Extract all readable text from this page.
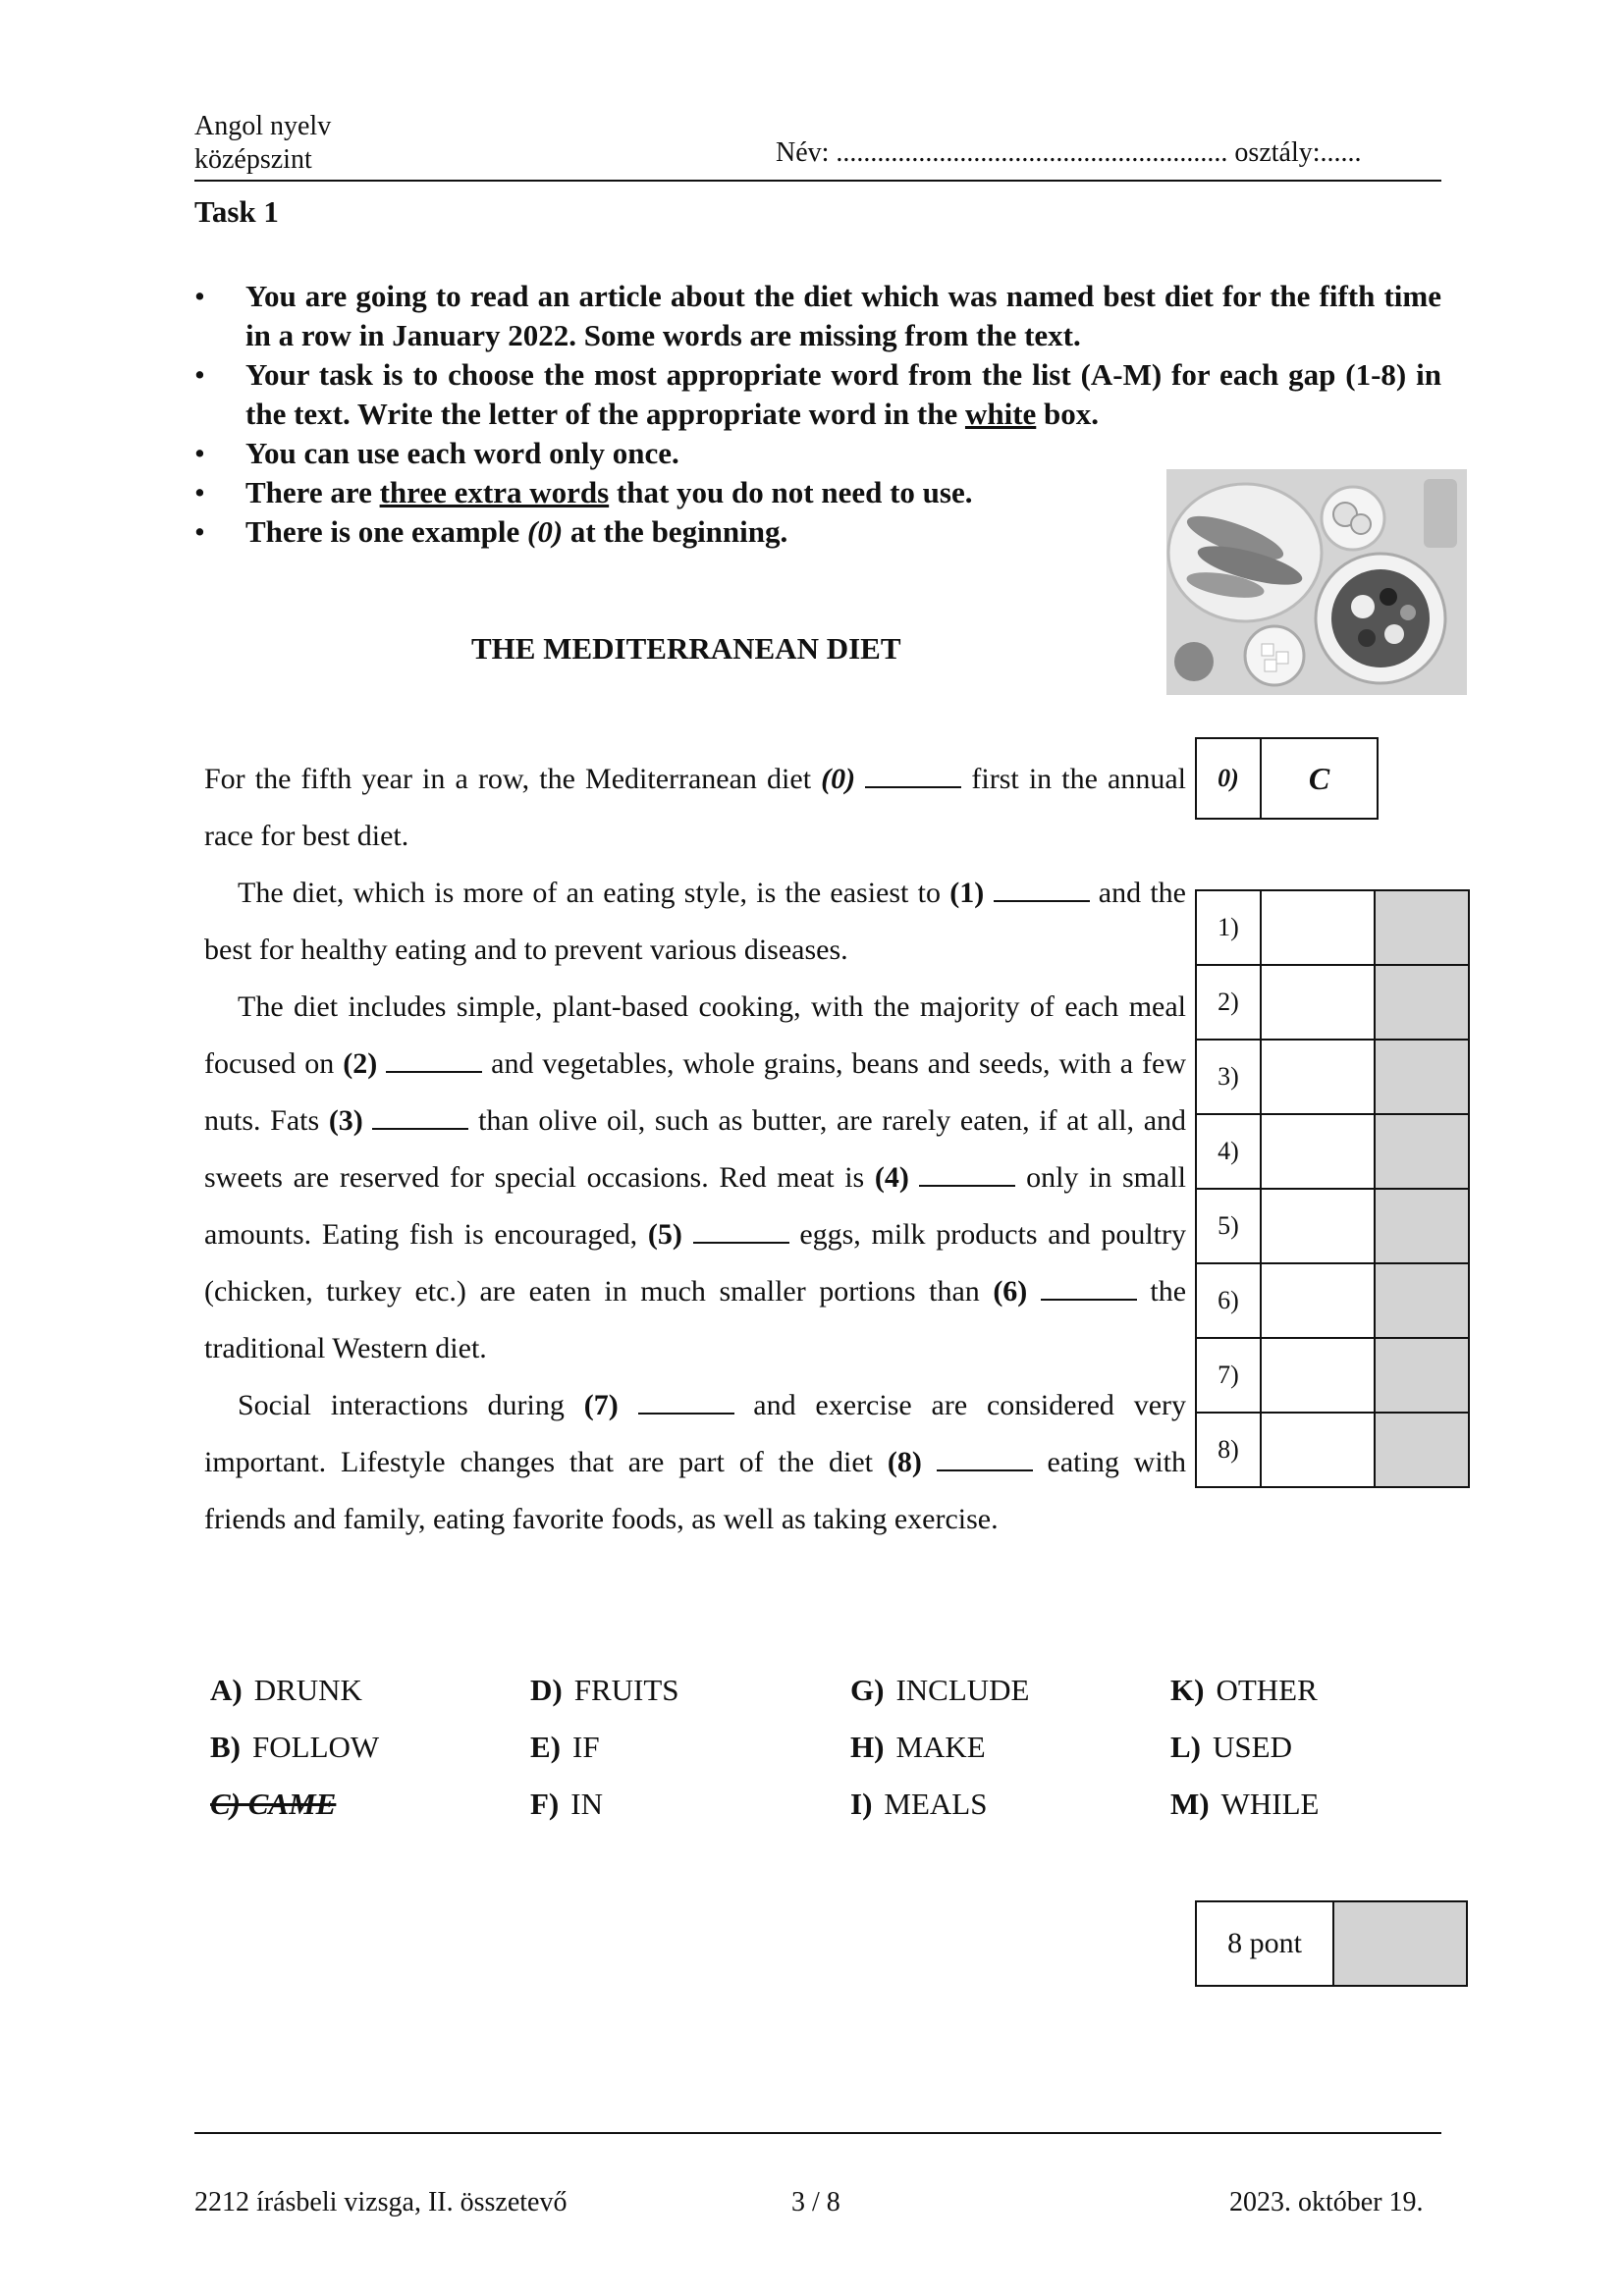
Angol nyelv
középszint	Név: ......................................................... osztály:......
Task 1
• You are going to read an article about the diet which was named best diet for the fifth time in a row in January 2022. Some words are missing from the text.
• Your task is to choose the most appropriate word from the list (A-M) for each gap (1-8) in the text. Write the letter of the appropriate word in the white box.
• You can use each word only once.
• There are three extra words that you do not need to use.
• There is one example (0) at the beginning.
THE MEDITERRANEAN DIET

For the fifth year in a row, the Mediterranean diet (0)	first in the annual race for best diet.

The diet, which is more of an eating style, is the easiest to (1)	and the best for healthy eating and to prevent various diseases.

The diet includes simple, plant-based cooking, with the majority of each meal focused on (2)	and vegetables, whole grains, beans and seeds, with a few nuts. Fats (3)	than olive oil, such as butter, are rarely eaten, if at all, and sweets are reserved for special occasions. Red meat is (4)	only in small amounts. Eating fish is encouraged, (5)	eggs, milk products and poultry (chicken, turkey etc.) are eaten in much smaller portions than (6)	the traditional Western diet.

Social interactions during (7)	and exercise are considered very important. Lifestyle changes that are part of the diet (8)	eating with friends and family, eating favorite foods, as well as taking exercise.

0)	C
1)		
2)		
3)		
4)		
5)		
6)		
7)		
8)		
A) DRUNK	D) FRUITS	G) INCLUDE	K) OTHER
B) FOLLOW	E) IF	H) MAKE	L) USED
C) CAME	F) IN	I) MEALS	M) WHILE
8 pont
2212 írásbeli vizsga, II. összetevő	3 / 8	2023. október 19.
